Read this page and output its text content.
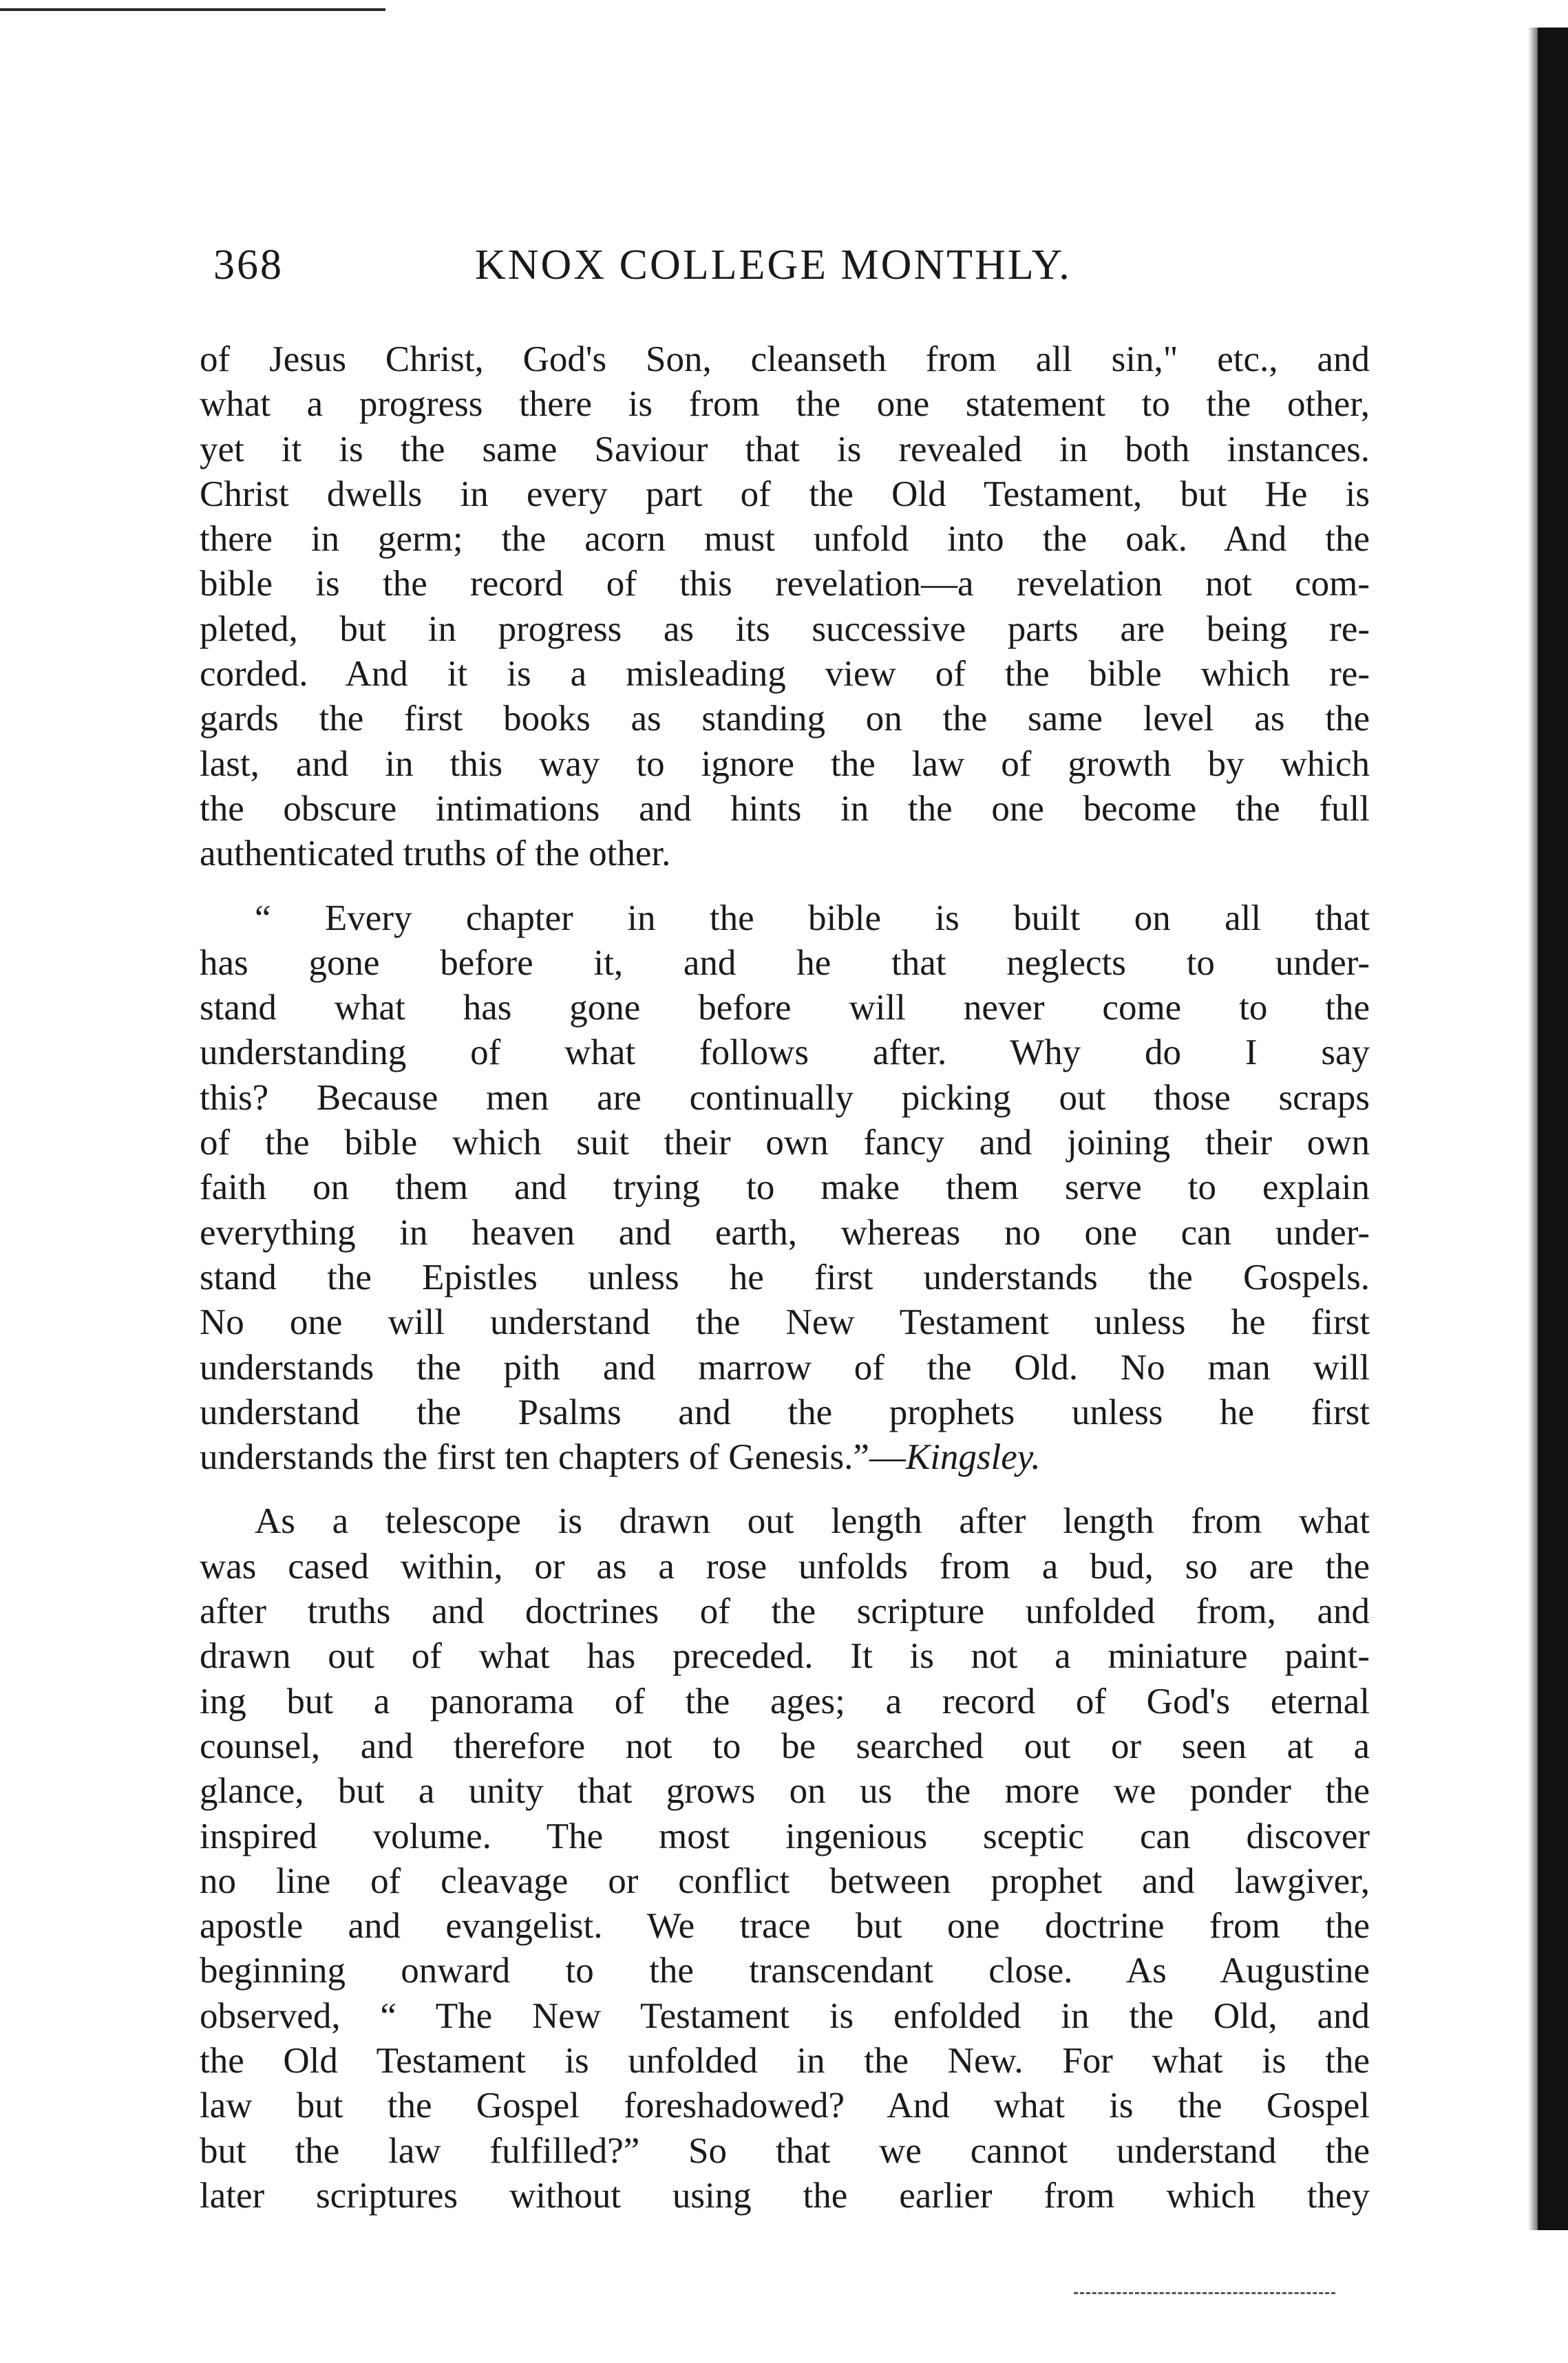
368	KNOX COLLEGE MONTHLY.
of Jesus Christ, God's Son, cleanseth from all sin," etc., and
what a progress there is from the one statement to the other,
yet it is the same Saviour that is revealed in both instances.
Christ dwells in every part of the Old Testament, but He is
there in germ; the acorn must unfold into the oak. And the
bible is the record of this revelation—a revelation not com-
pleted, but in progress as its successive parts are being re-
corded. And it is a misleading view of the bible which re-
gards the first books as standing on the same level as the
last, and in this way to ignore the law of growth by which
the obscure intimations and hints in the one become the full
authenticated truths of the other.
“ Every chapter in the bible is built on all that
has gone before it, and he that neglects to under-
stand what has gone before will never come to the
understanding of what follows after. Why do I say
this? Because men are continually picking out those scraps
of the bible which suit their own fancy and joining their own
faith on them and trying to make them serve to explain
everything in heaven and earth, whereas no one can under-
stand the Epistles unless he first understands the Gospels.
No one will understand the New Testament unless he first
understands the pith and marrow of the Old. No man will
understand the Psalms and the prophets unless he first
understands the first ten chapters of Genesis.”—Kingsley.
As a telescope is drawn out length after length from what
was cased within, or as a rose unfolds from a bud, so are the
after truths and doctrines of the scripture unfolded from, and
drawn out of what has preceded. It is not a miniature paint-
ing but a panorama of the ages; a record of God's eternal
counsel, and therefore not to be searched out or seen at a
glance, but a unity that grows on us the more we ponder the
inspired volume. The most ingenious sceptic can discover
no line of cleavage or conflict between prophet and lawgiver,
apostle and evangelist. We trace but one doctrine from the
beginning onward to the transcendant close. As Augustine
observed, “ The New Testament is enfolded in the Old, and
the Old Testament is unfolded in the New. For what is the
law but the Gospel foreshadowed? And what is the Gospel
but the law fulfilled?” So that we cannot understand the
later scriptures without using the earlier from which they
